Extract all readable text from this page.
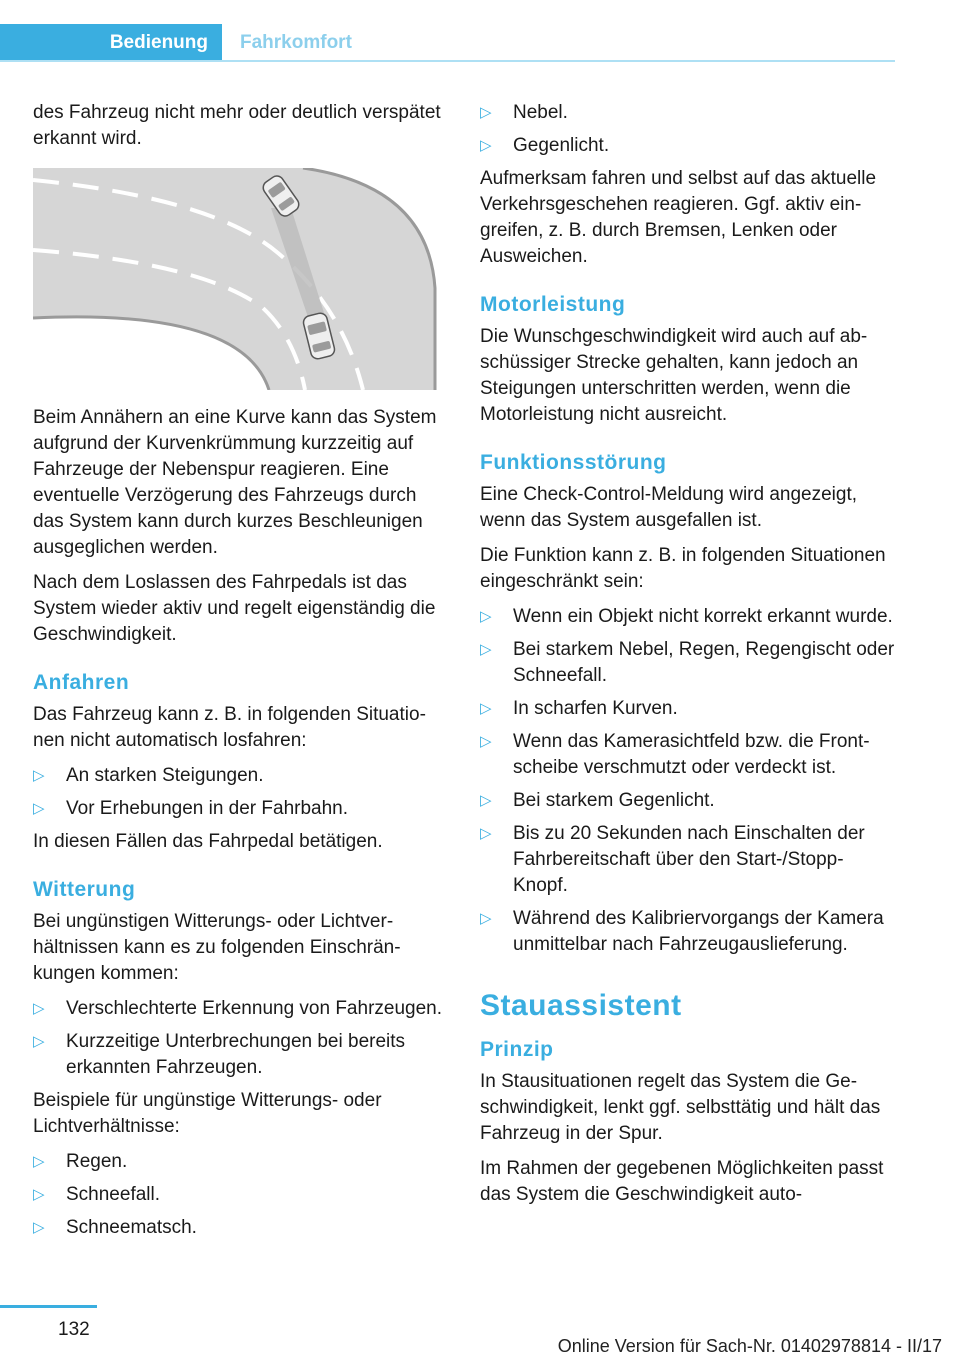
Bedienung	Fahrkomfort

des Fahrzeug nicht mehr oder deutlich verspätet erkannt wird.

Beim Annähern an eine Kurve kann das System aufgrund der Kurvenkrümmung kurzzeitig auf Fahrzeuge der Nebenspur reagieren. Eine eventuelle Verzögerung des Fahrzeugs durch das System kann durch kurzes Beschleunigen ausgeglichen werden.

Nach dem Loslassen des Fahrpedals ist das System wieder aktiv und regelt eigenständig die Geschwindigkeit.

Anfahren

Das Fahrzeug kann z. B. in folgenden Situationen nicht automatisch losfahren:

▷ An starken Steigungen.
▷ Vor Erhebungen in der Fahrbahn.

In diesen Fällen das Fahrpedal betätigen.

Witterung

Bei ungünstigen Witterungs- oder Lichtverhältnissen kann es zu folgenden Einschränkungen kommen:

▷ Verschlechterte Erkennung von Fahrzeugen.
▷ Kurzzeitige Unterbrechungen bei bereits erkannten Fahrzeugen.

Beispiele für ungünstige Witterungs- oder Lichtverhältnisse:

▷ Regen.
▷ Schneefall.
▷ Schneematsch.
▷ Nebel.
▷ Gegenlicht.

Aufmerksam fahren und selbst auf das aktuelle Verkehrsgeschehen reagieren. Ggf. aktiv eingreifen, z. B. durch Bremsen, Lenken oder Ausweichen.

Motorleistung

Die Wunschgeschwindigkeit wird auch auf abschüssiger Strecke gehalten, kann jedoch an Steigungen unterschritten werden, wenn die Motorleistung nicht ausreicht.

Funktionsstörung

Eine Check-Control-Meldung wird angezeigt, wenn das System ausgefallen ist.

Die Funktion kann z. B. in folgenden Situationen eingeschränkt sein:

▷ Wenn ein Objekt nicht korrekt erkannt wurde.
▷ Bei starkem Nebel, Regen, Regengischt oder Schneefall.
▷ In scharfen Kurven.
▷ Wenn das Kamerasichtfeld bzw. die Frontscheibe verschmutzt oder verdeckt ist.
▷ Bei starkem Gegenlicht.
▷ Bis zu 20 Sekunden nach Einschalten der Fahrbereitschaft über den Start-/Stopp-Knopf.
▷ Während des Kalibriervorgangs der Kamera unmittelbar nach Fahrzeugauslieferung.
Stauassistent
Prinzip

In Stausituationen regelt das System die Geschwindigkeit, lenkt ggf. selbsttätig und hält das Fahrzeug in der Spur.

Im Rahmen der gegebenen Möglichkeiten passt das System die Geschwindigkeit auto-

132
Online Version für Sach-Nr. 01402978814 - II/17
